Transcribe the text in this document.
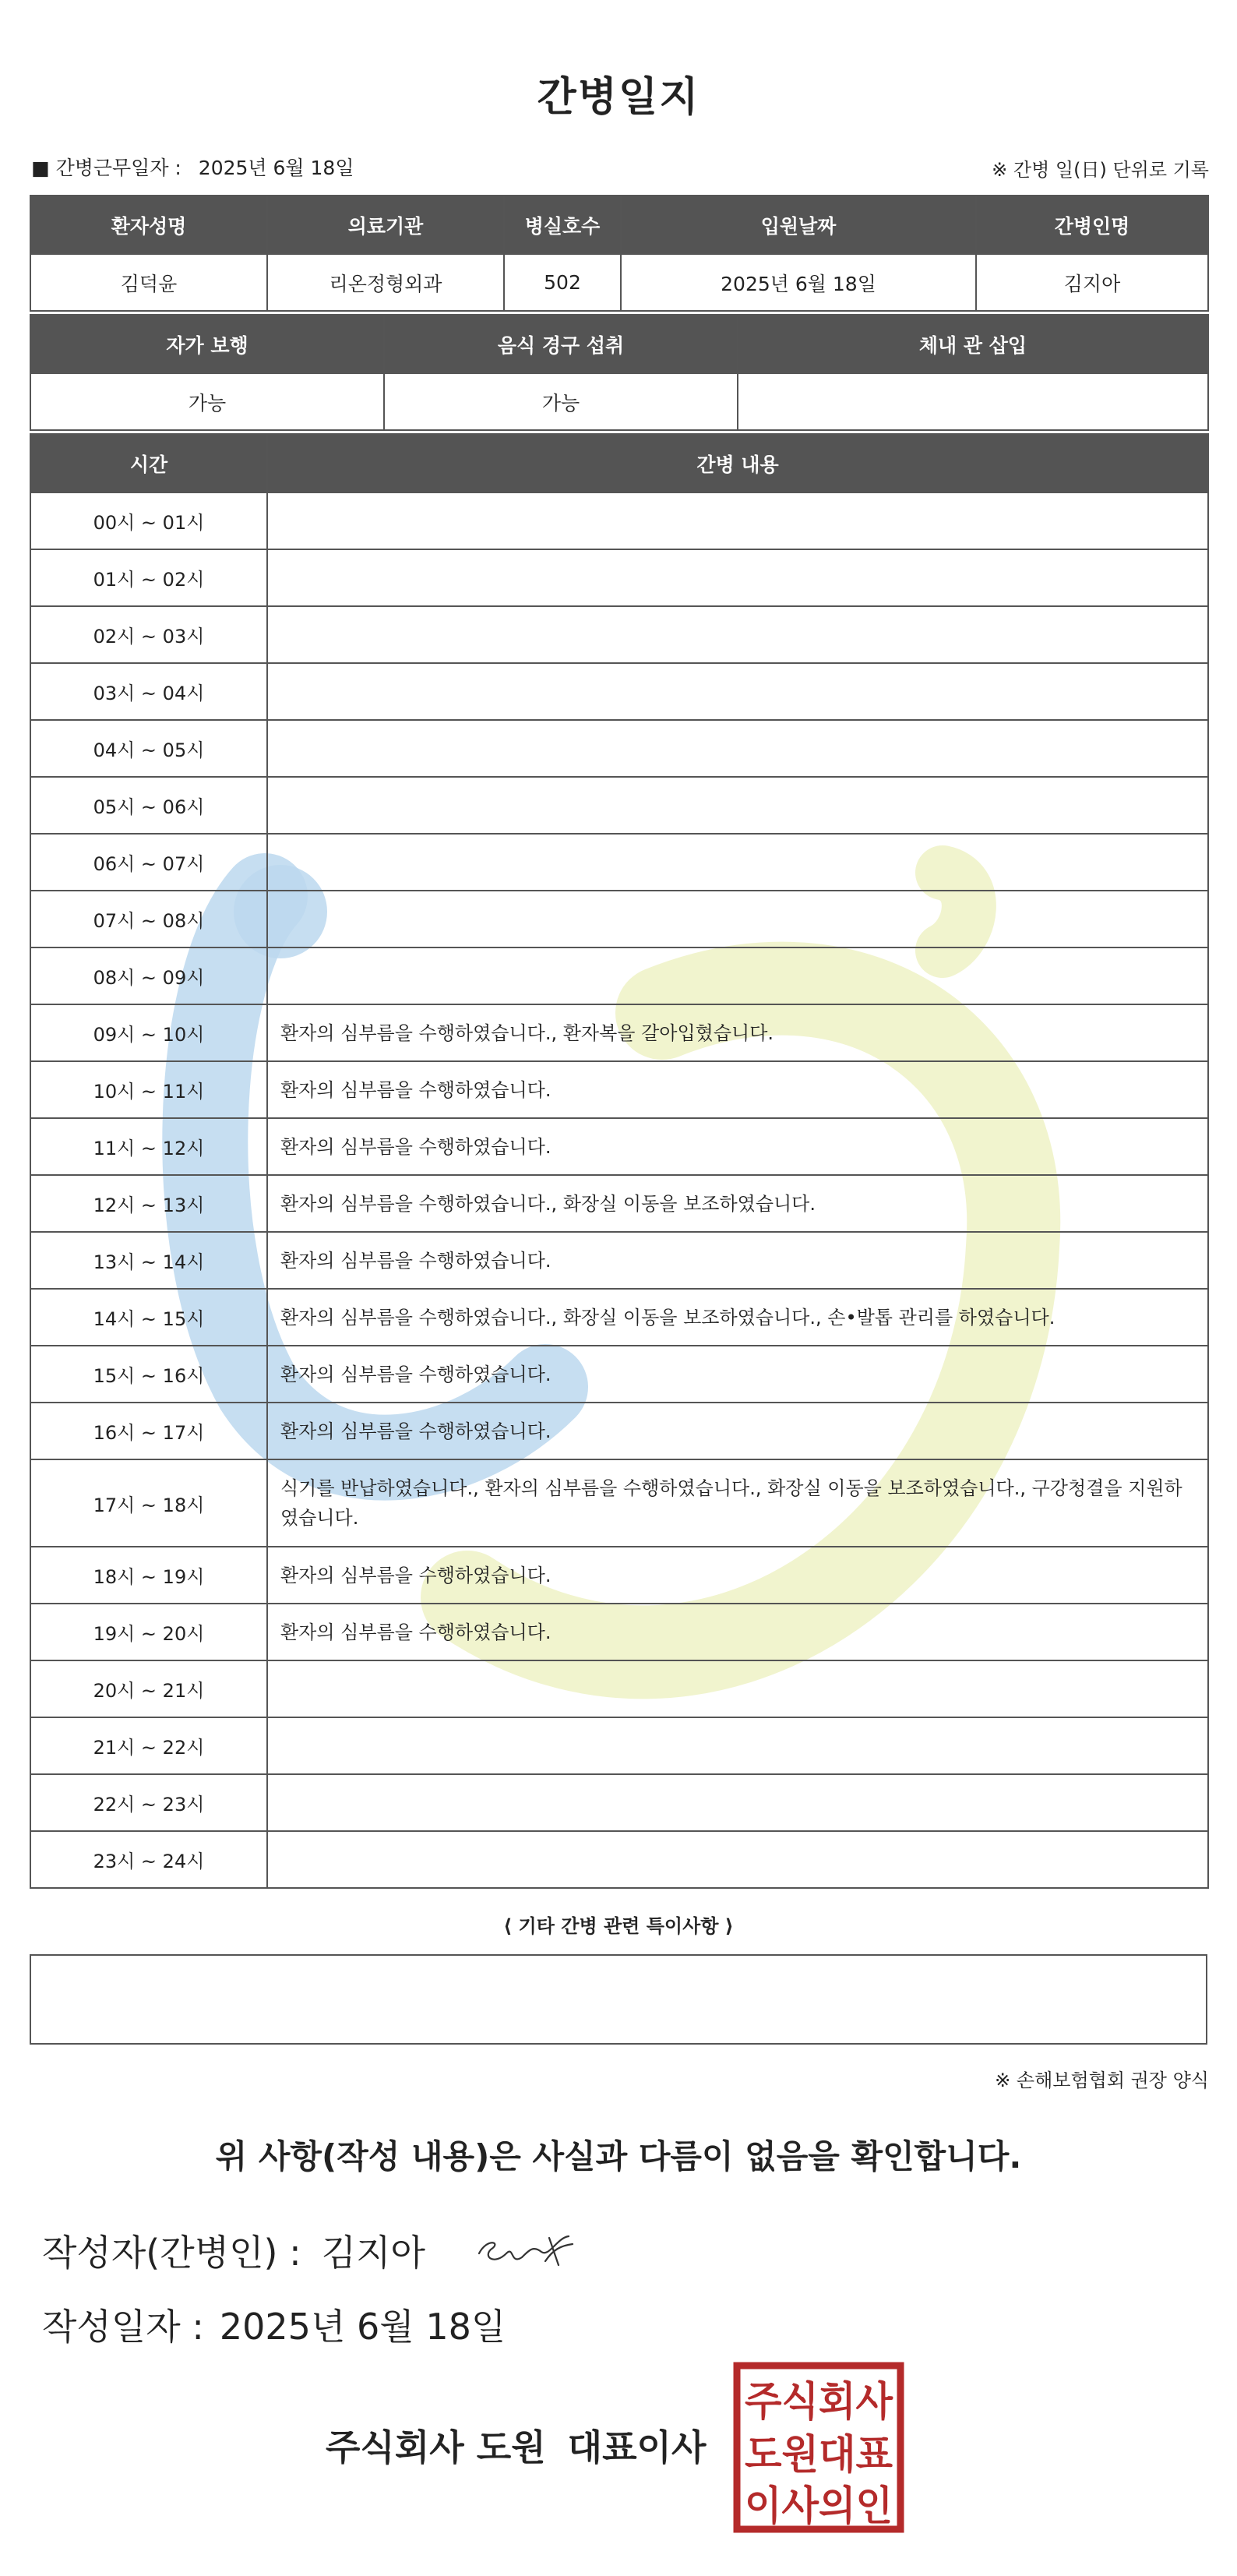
간병일지
■ 간병근무일자 : 2025년 6월 18일	※ 간병 일(日) 단위로 기록
환자성명	의료기관	병실호수	입원날짜	간병인명
김덕윤	리온정형외과	502	2025년 6월 18일	김지아
자가 보행	음식 경구 섭취	체내 관 삽입
가능	가능	
시간	간병 내용
00시 ~ 01시	
01시 ~ 02시	
02시 ~ 03시	
03시 ~ 04시	
04시 ~ 05시	
05시 ~ 06시	
06시 ~ 07시	
07시 ~ 08시	
08시 ~ 09시	
09시 ~ 10시	환자의 심부름을 수행하였습니다., 환자복을 갈아입혔습니다.
10시 ~ 11시	환자의 심부름을 수행하였습니다.
11시 ~ 12시	환자의 심부름을 수행하였습니다.
12시 ~ 13시	환자의 심부름을 수행하였습니다., 화장실 이동을 보조하였습니다.
13시 ~ 14시	환자의 심부름을 수행하였습니다.
14시 ~ 15시	환자의 심부름을 수행하였습니다., 화장실 이동을 보조하였습니다., 손•발톱 관리를 하였습니다.
15시 ~ 16시	환자의 심부름을 수행하였습니다.
16시 ~ 17시	환자의 심부름을 수행하였습니다.
17시 ~ 18시	식기를 반납하였습니다., 환자의 심부름을 수행하였습니다., 화장실 이동을 보조하였습니다., 구강청결을 지원하였습니다.
18시 ~ 19시	환자의 심부름을 수행하였습니다.
19시 ~ 20시	환자의 심부름을 수행하였습니다.
20시 ~ 21시	
21시 ~ 22시	
22시 ~ 23시	
23시 ~ 24시	
⟨ 기타 간병 관련 특이사항 ⟩
※ 손해보험협회 권장 양식
위 사항(작성 내용)은 사실과 다름이 없음을 확인합니다.
작성자(간병인) : 김지아
작성일자 : 2025년 6월 18일
주식회사 도원 대표이사
주식회사
도원대표
이사의인
